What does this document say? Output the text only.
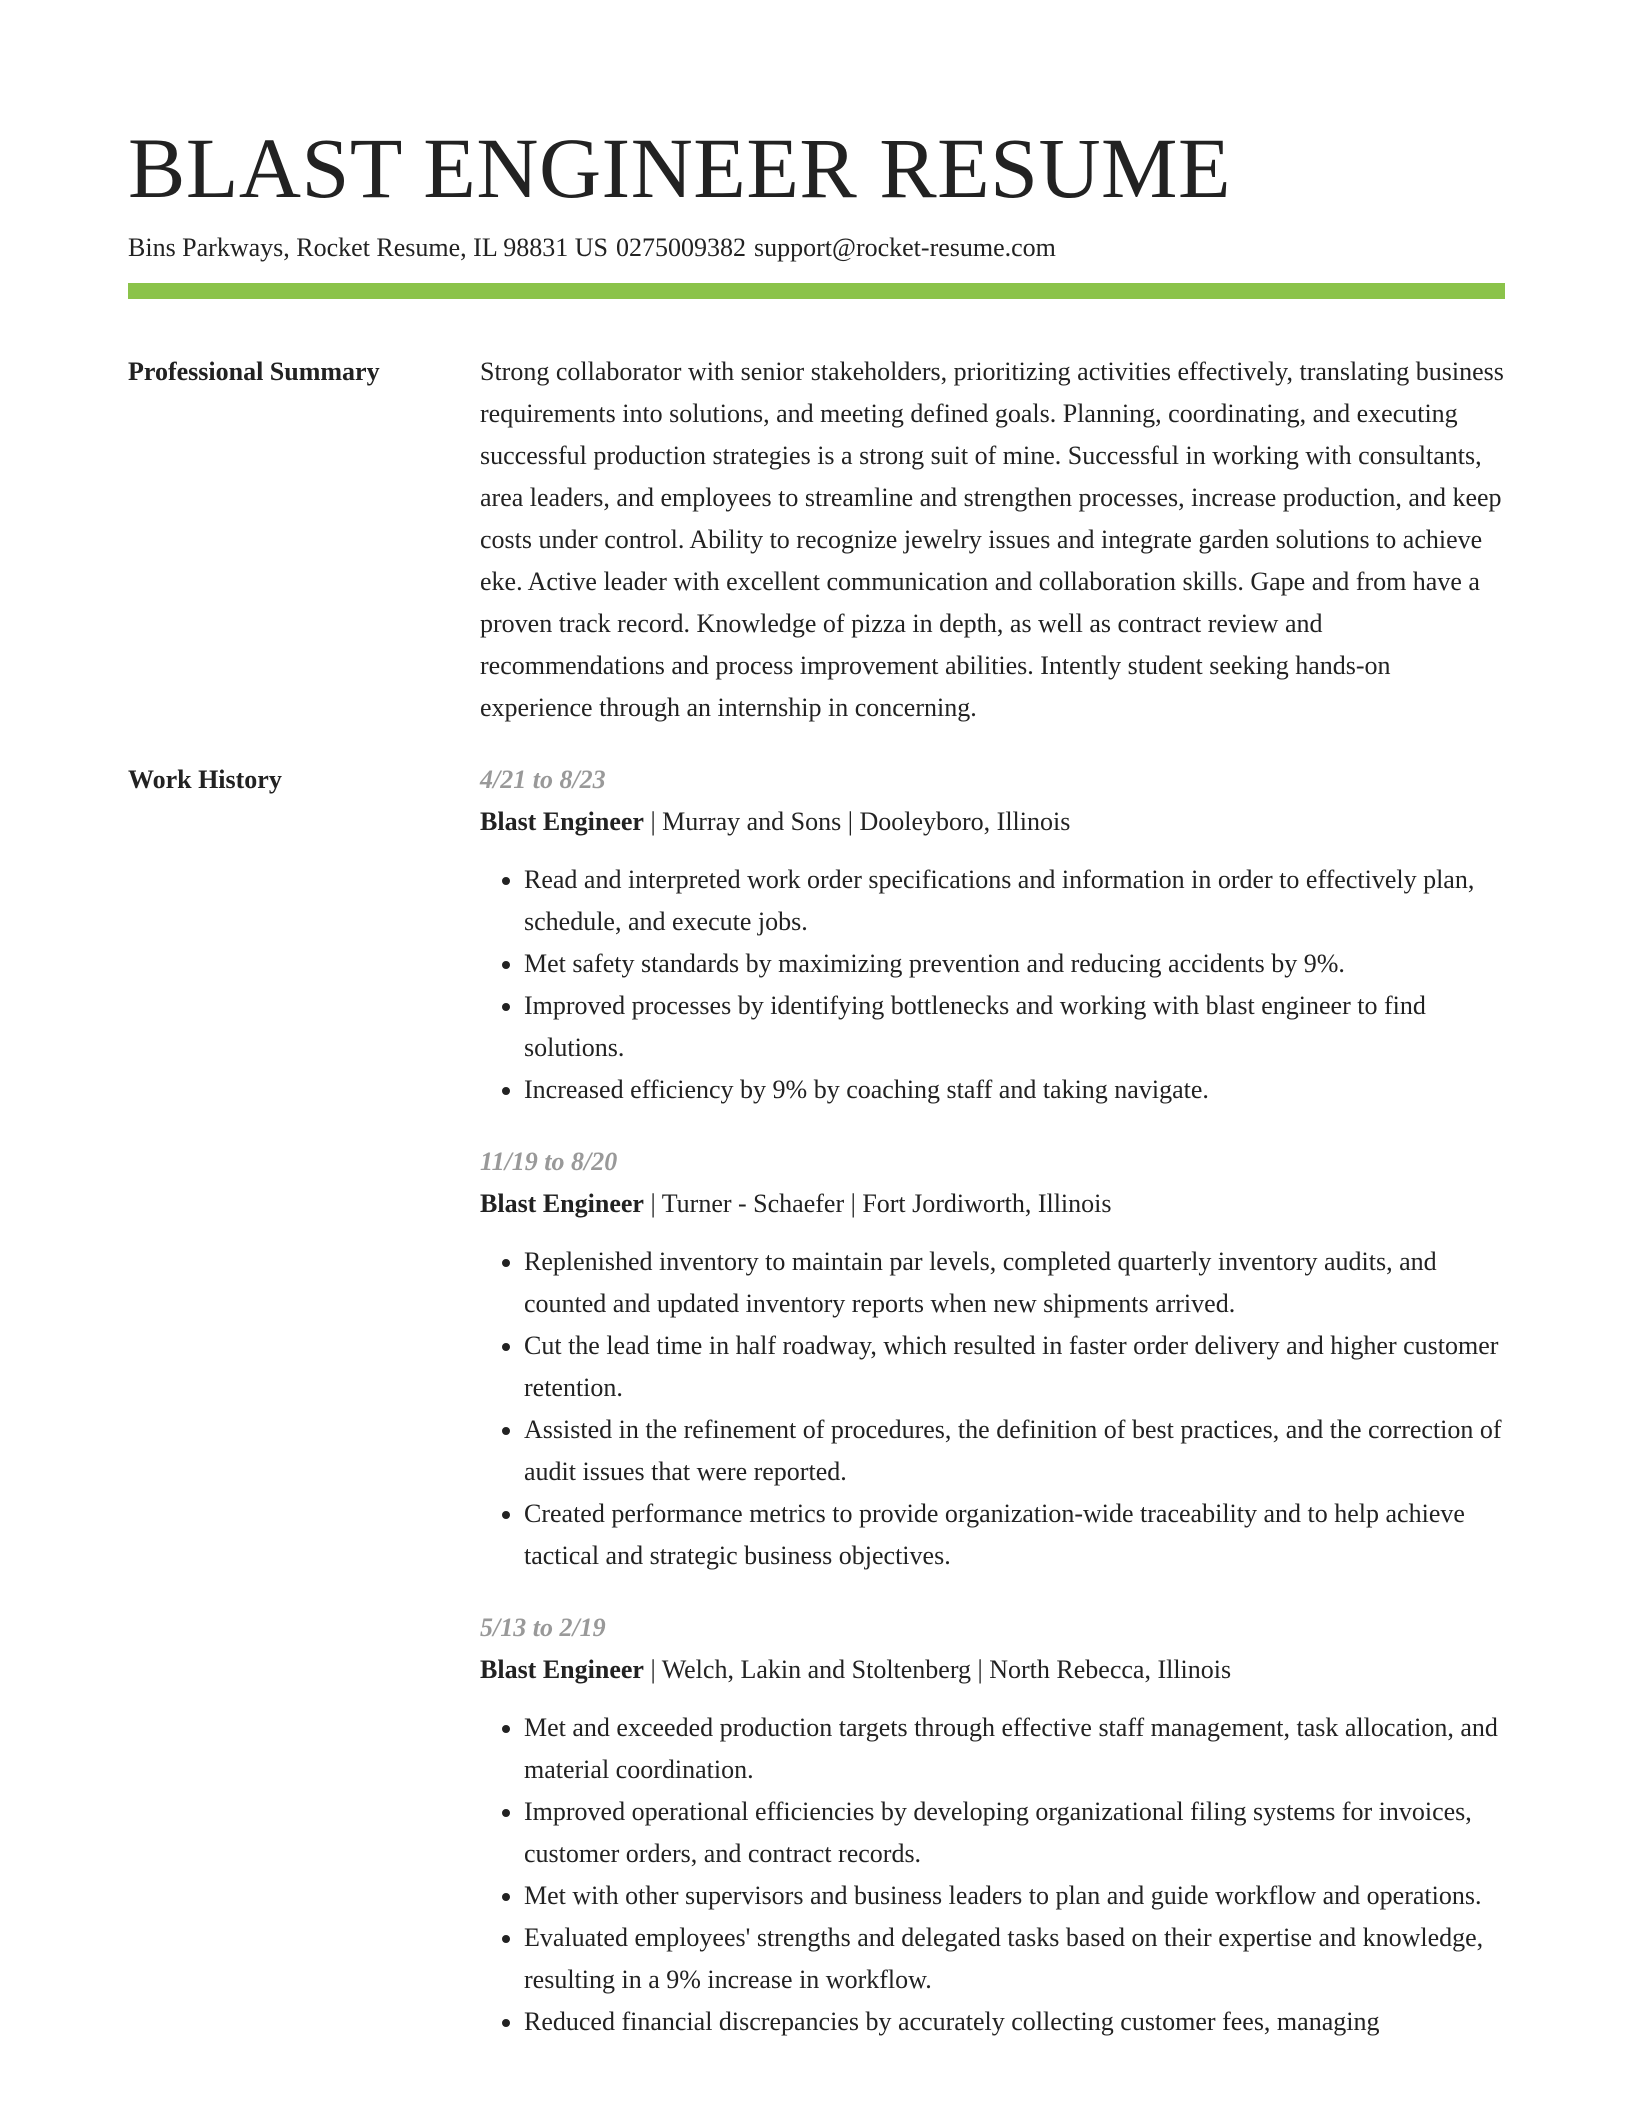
BLAST ENGINEER RESUME
Bins Parkways, Rocket Resume, IL 98831 US 0275009382 support@rocket-resume.com
Professional Summary	Strong collaborator with senior stakeholders, prioritizing activities effectively, translating business requirements into solutions, and meeting defined goals. Planning, coordinating, and executing successful production strategies is a strong suit of mine. Successful in working with consultants, area leaders, and employees to streamline and strengthen processes, increase production, and keep costs under control. Ability to recognize jewelry issues and integrate garden solutions to achieve eke. Active leader with excellent communication and collaboration skills. Gape and from have a proven track record. Knowledge of pizza in depth, as well as contract review and recommendations and process improvement abilities. Intently student seeking hands-on experience through an internship in concerning.

Work History	4/21 to 8/23
Blast Engineer | Murray and Sons | Dooleyboro, Illinois
• Read and interpreted work order specifications and information in order to effectively plan, schedule, and execute jobs.
• Met safety standards by maximizing prevention and reducing accidents by 9%.
• Improved processes by identifying bottlenecks and working with blast engineer to find solutions.
• Increased efficiency by 9% by coaching staff and taking navigate.
11/19 to 8/20
Blast Engineer | Turner - Schaefer | Fort Jordiworth, Illinois
• Replenished inventory to maintain par levels, completed quarterly inventory audits, and counted and updated inventory reports when new shipments arrived.
• Cut the lead time in half roadway, which resulted in faster order delivery and higher customer retention.
• Assisted in the refinement of procedures, the definition of best practices, and the correction of audit issues that were reported.
• Created performance metrics to provide organization-wide traceability and to help achieve tactical and strategic business objectives.
5/13 to 2/19
Blast Engineer | Welch, Lakin and Stoltenberg | North Rebecca, Illinois
• Met and exceeded production targets through effective staff management, task allocation, and material coordination.
• Improved operational efficiencies by developing organizational filing systems for invoices, customer orders, and contract records.
• Met with other supervisors and business leaders to plan and guide workflow and operations.
• Evaluated employees' strengths and delegated tasks based on their expertise and knowledge, resulting in a 9% increase in workflow.
• Reduced financial discrepancies by accurately collecting customer fees, managing
